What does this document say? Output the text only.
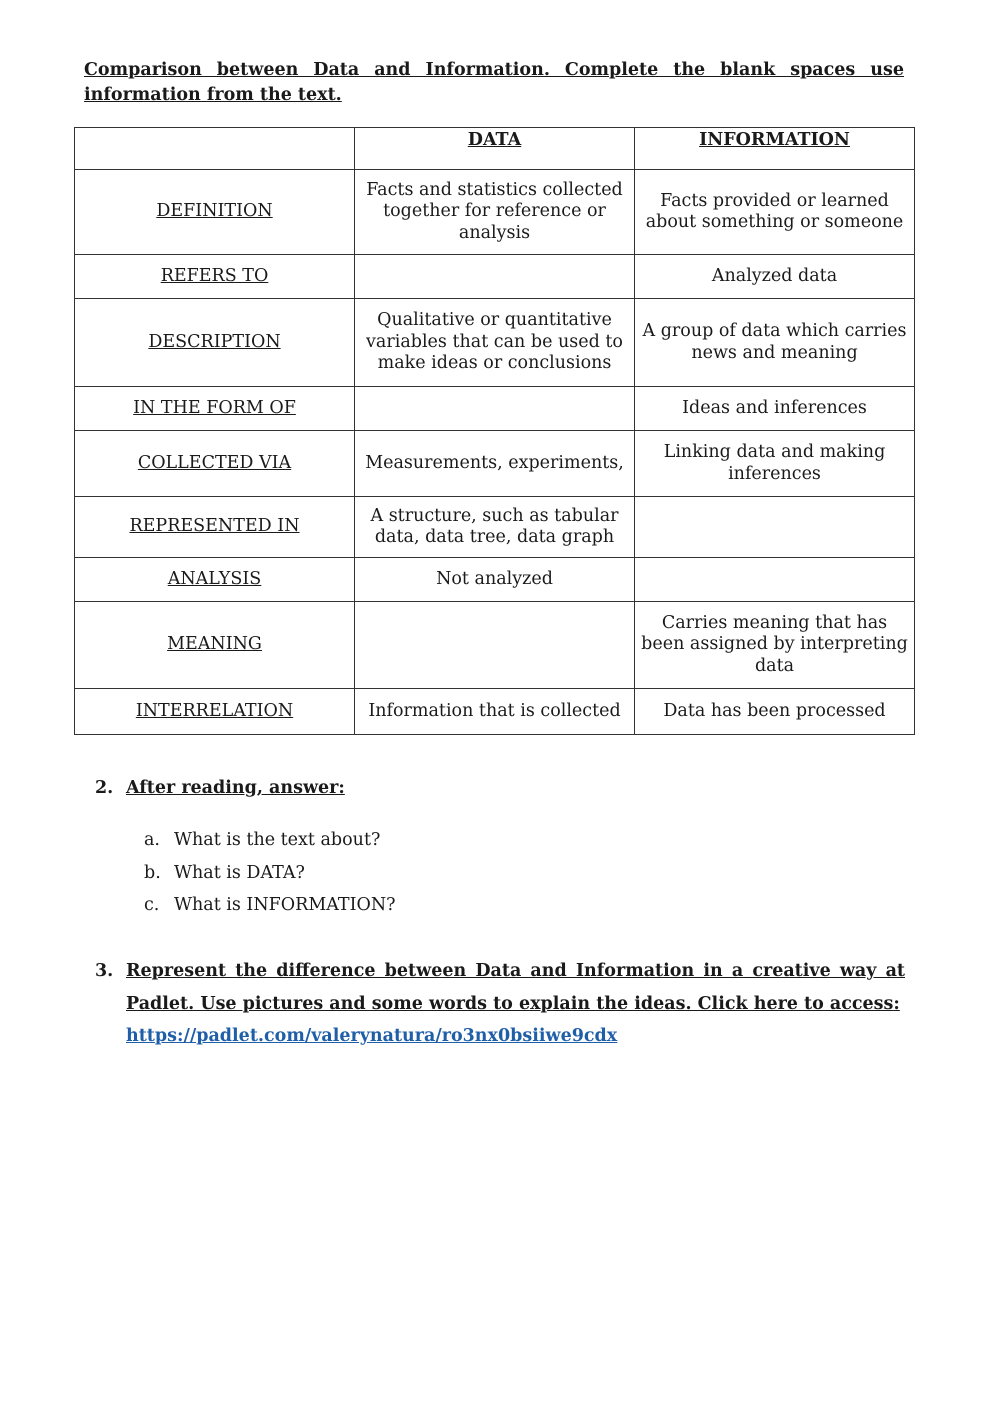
Comparison between Data and Information. Complete the blank spaces use information from the text.
	DATA	INFORMATION
DEFINITION	Facts and statistics collected together for reference or analysis	Facts provided or learned about something or someone
REFERS TO		Analyzed data
DESCRIPTION	Qualitative or quantitative variables that can be used to make ideas or conclusions	A group of data which carries news and meaning
IN THE FORM OF		Ideas and inferences
COLLECTED VIA	Measurements, experiments,	Linking data and making inferences
REPRESENTED IN	A structure, such as tabular data, data tree, data graph	
ANALYSIS	Not analyzed	
MEANING		Carries meaning that has been assigned by interpreting data
INTERRELATION	Information that is collected	Data has been processed
2. After reading, answer:
a. What is the text about?
b. What is DATA?
c. What is INFORMATION?
3. Represent the difference between Data and Information in a creative way at Padlet. Use pictures and some words to explain the ideas. Click here to access:
https://padlet.com/valerynatura/ro3nx0bsiiwe9cdx
